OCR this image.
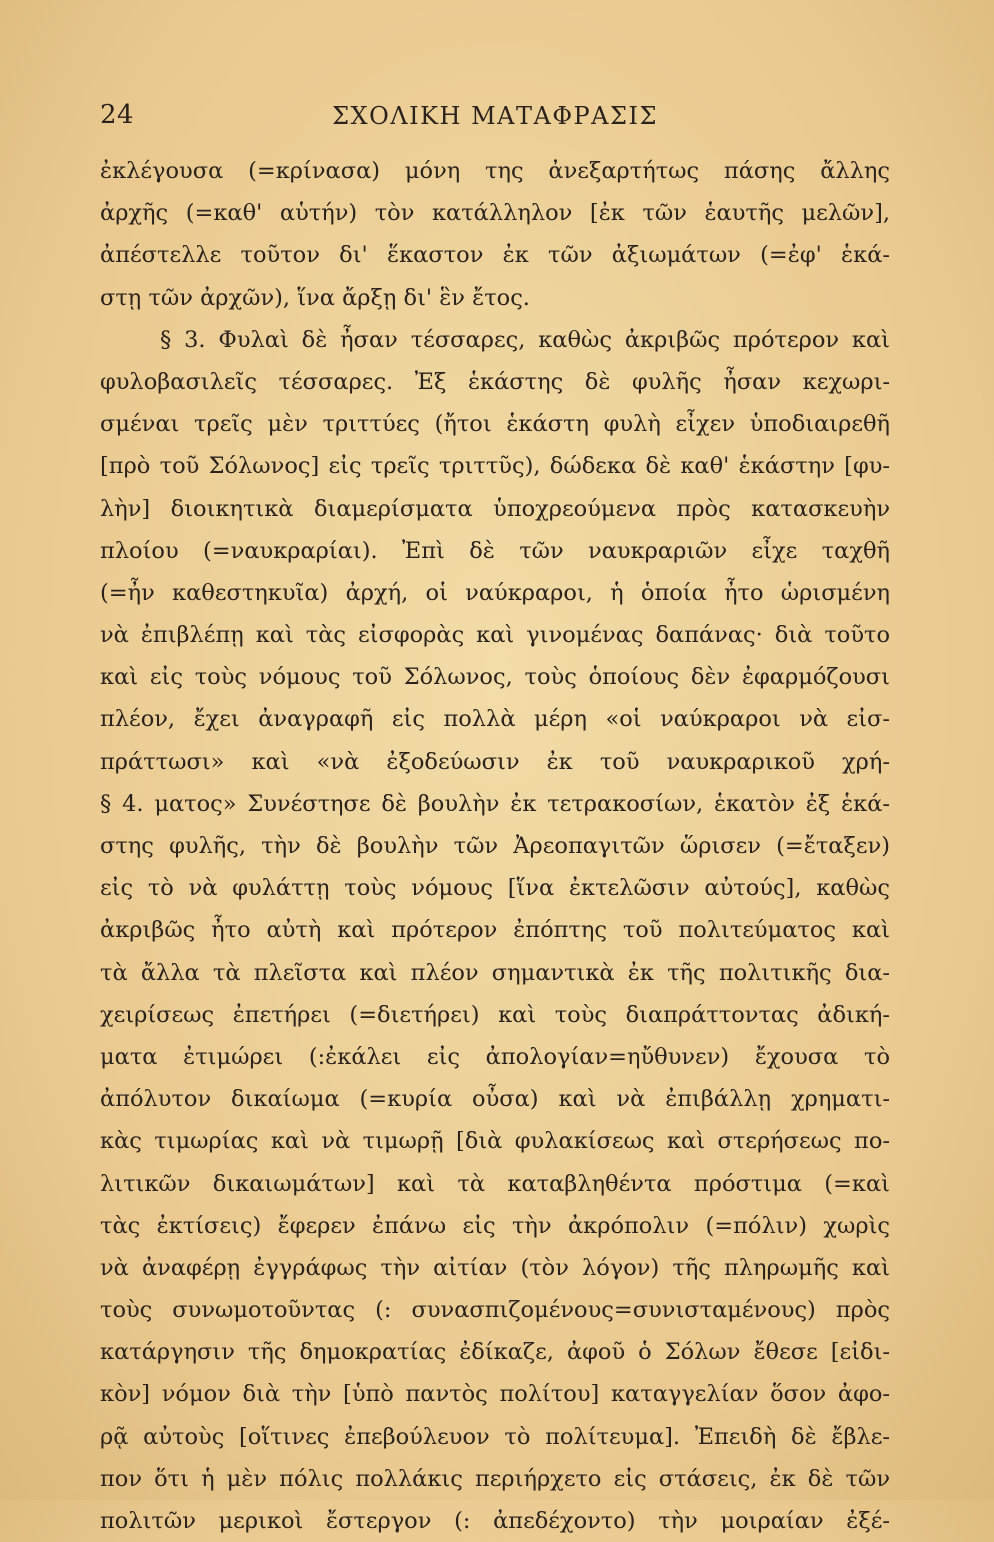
24	ΣΧΟΛΙΚΗ ΜΑΤΑΦΡΑΣΙΣ
ἐκλέγουσα (=κρίνασα) μόνη της ἀνεξαρτήτως πάσης ἄλλης
ἀρχῆς (=καθ' αὑτήν) τὸν κατάλληλον [ἐκ τῶν ἑαυτῆς μελῶν],
ἀπέστελλε τοῦτον δι' ἕκαστον ἐκ τῶν ἀξιωμάτων (=ἐφ' ἑκά-
στῃ τῶν ἀρχῶν), ἵνα ἄρξῃ δι' ἓν ἔτος.
§ 3. Φυλαὶ δὲ ἦσαν τέσσαρες, καθὼς ἀκριβῶς πρότερον καὶ
φυλοβασιλεῖς τέσσαρες. Ἐξ ἑκάστης δὲ φυλῆς ἦσαν κεχωρι-
σμέναι τρεῖς μὲν τριττύες (ἤτοι ἑκάστη φυλὴ εἶχεν ὑποδιαιρεθῆ
[πρὸ τοῦ Σόλωνος] εἰς τρεῖς τριττῦς), δώδεκα δὲ καθ' ἑκάστην [φυ-
λὴν] διοικητικὰ διαμερίσματα ὑποχρεούμενα πρὸς κατασκευὴν
πλοίου (=ναυκραρίαι). Ἐπὶ δὲ τῶν ναυκραριῶν εἶχε ταχθῆ
(=ἦν καθεστηκυῖα) ἀρχή, οἱ ναύκραροι, ἡ ὁποία ἦτο ὡρισμένη
νὰ ἐπιβλέπῃ καὶ τὰς εἰσφορὰς καὶ γινομένας δαπάνας· διὰ τοῦτο
καὶ εἰς τοὺς νόμους τοῦ Σόλωνος, τοὺς ὁποίους δὲν ἐφαρμόζουσι
πλέον, ἔχει ἀναγραφῆ εἰς πολλὰ μέρη «οἱ ναύκραροι νὰ εἰσ-
πράττωσι» καὶ «νὰ ἐξοδεύωσιν ἐκ τοῦ ναυκραρικοῦ χρή-
§ 4. ματος» Συνέστησε δὲ βουλὴν ἐκ τετρακοσίων, ἑκατὸν ἐξ ἑκά-
στης φυλῆς, τὴν δὲ βουλὴν τῶν Ἀρεοπαγιτῶν ὥρισεν (=ἔταξεν)
εἰς τὸ νὰ φυλάττῃ τοὺς νόμους [ἵνα ἐκτελῶσιν αὐτούς], καθὼς
ἀκριβῶς ἦτο αὐτὴ καὶ πρότερον ἐπόπτης τοῦ πολιτεύματος καὶ
τὰ ἄλλα τὰ πλεῖστα καὶ πλέον σημαντικὰ ἐκ τῆς πολιτικῆς δια-
χειρίσεως ἐπετήρει (=διετήρει) καὶ τοὺς διαπράττοντας ἀδική-
ματα ἐτιμώρει (:ἐκάλει εἰς ἀπολογίαν=ηὔθυνεν) ἔχουσα τὸ
ἀπόλυτον δικαίωμα (=κυρία οὖσα) καὶ νὰ ἐπιβάλλῃ χρηματι-
κὰς τιμωρίας καὶ νὰ τιμωρῇ [διὰ φυλακίσεως καὶ στερήσεως πο-
λιτικῶν δικαιωμάτων] καὶ τὰ καταβληθέντα πρόστιμα (=καὶ
τὰς ἐκτίσεις) ἔφερεν ἐπάνω εἰς τὴν ἀκρόπολιν (=πόλιν) χωρὶς
νὰ ἀναφέρῃ ἐγγράφως τὴν αἰτίαν (τὸν λόγον) τῆς πληρωμῆς καὶ
τοὺς συνωμοτοῦντας (: συνασπιζομένους=συνισταμένους) πρὸς
κατάργησιν τῆς δημοκρατίας ἐδίκαζε, ἀφοῦ ὁ Σόλων ἔθεσε [εἰδι-
κὸν] νόμον διὰ τὴν [ὑπὸ παντὸς πολίτου] καταγγελίαν ὅσον ἀφο-
ρᾷ αὐτοὺς [οἵτινες ἐπεβούλευον τὸ πολίτευμα]. Ἐπειδὴ δὲ ἔβλε-
πον ὅτι ἡ μὲν πόλις πολλάκις περιήρχετο εἰς στάσεις, ἐκ δὲ τῶν
πολιτῶν μερικοὶ ἔστεργον (: ἀπεδέχοντο) τὴν μοιραίαν ἐξέ-
